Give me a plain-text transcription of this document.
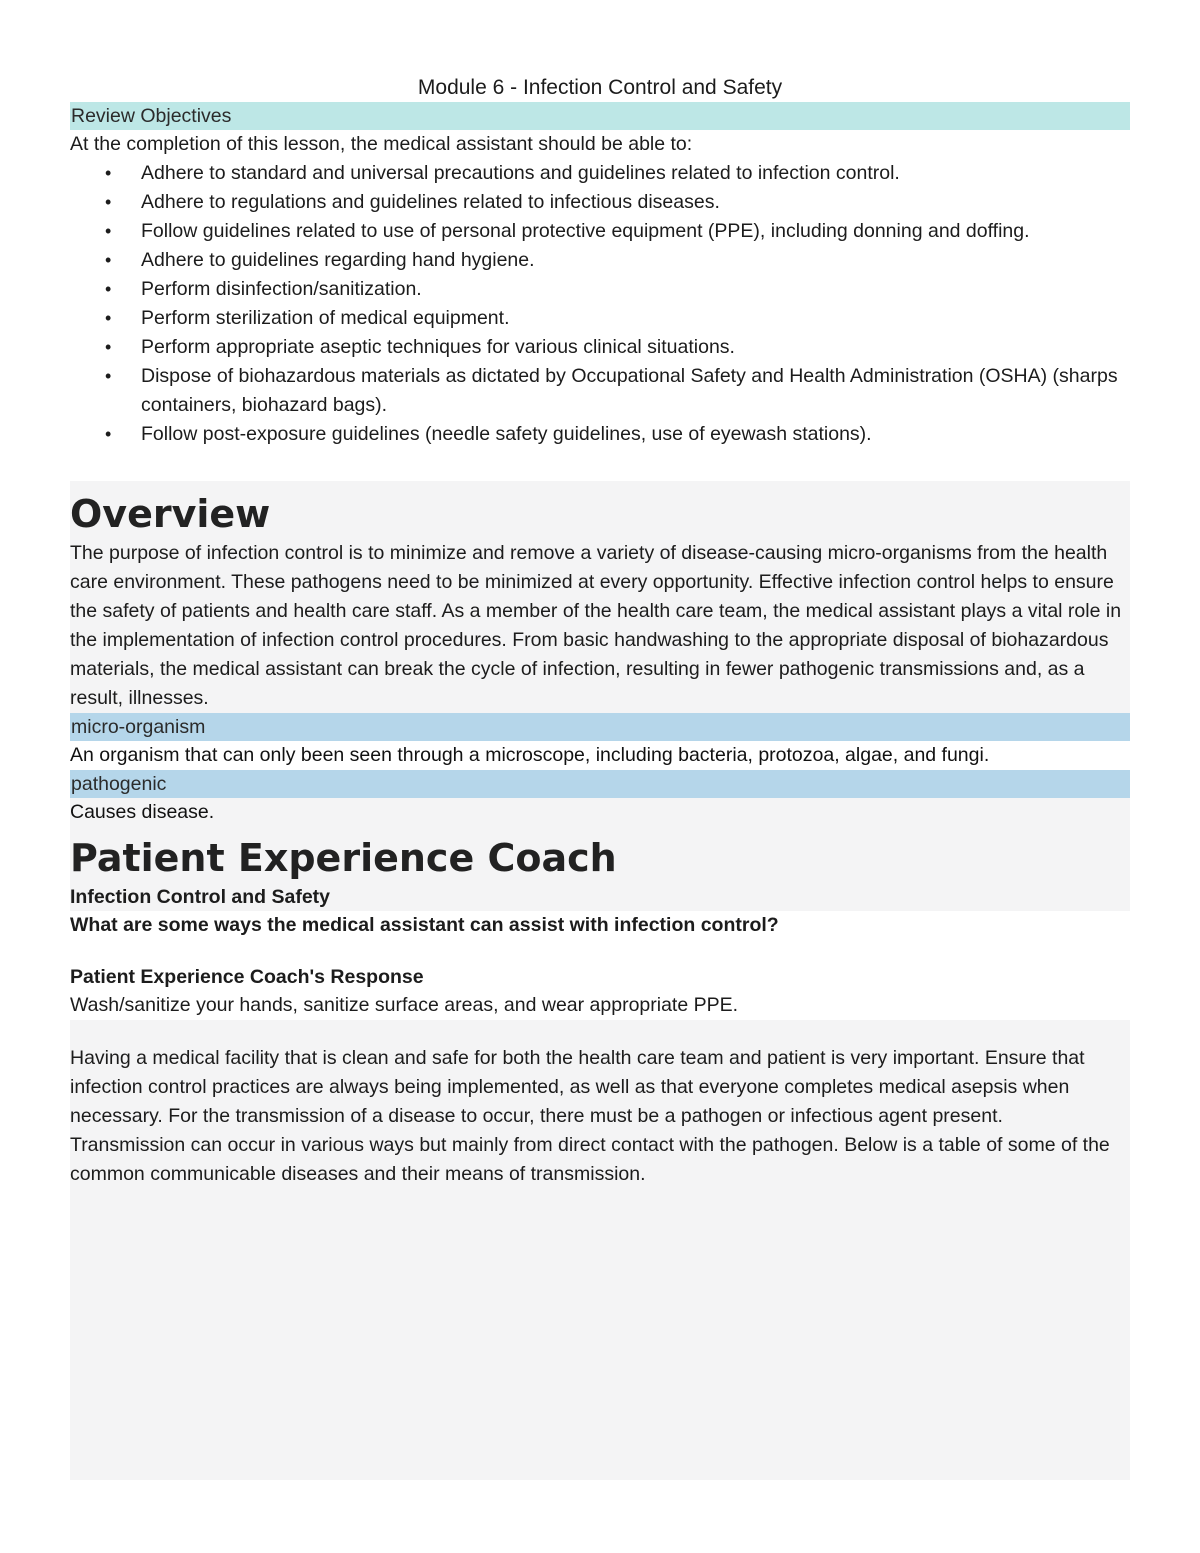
Module 6 - Infection Control and Safety
Review Objectives

At the completion of this lesson, the medical assistant should be able to:

• Adhere to standard and universal precautions and guidelines related to infection control.
• Adhere to regulations and guidelines related to infectious diseases.
• Follow guidelines related to use of personal protective equipment (PPE), including donning and doffing.
• Adhere to guidelines regarding hand hygiene.
• Perform disinfection/sanitization.
• Perform sterilization of medical equipment.
• Perform appropriate aseptic techniques for various clinical situations.
• Dispose of biohazardous materials as dictated by Occupational Safety and Health Administration (OSHA) (sharps containers, biohazard bags).
• Follow post-exposure guidelines (needle safety guidelines, use of eyewash stations).
Overview

The purpose of infection control is to minimize and remove a variety of disease-causing micro-organisms from the health care environment. These pathogens need to be minimized at every opportunity. Effective infection control helps to ensure the safety of patients and health care staff. As a member of the health care team, the medical assistant plays a vital role in the implementation of infection control procedures. From basic handwashing to the appropriate disposal of biohazardous materials, the medical assistant can break the cycle of infection, resulting in fewer pathogenic transmissions and, as a result, illnesses.

micro-organism

An organism that can only been seen through a microscope, including bacteria, protozoa, algae, and fungi.

pathogenic

Causes disease.

Patient Experience Coach

Infection Control and Safety

What are some ways the medical assistant can assist with infection control?

Patient Experience Coach's Response

Wash/sanitize your hands, sanitize surface areas, and wear appropriate PPE.

Having a medical facility that is clean and safe for both the health care team and patient is very important. Ensure that infection control practices are always being implemented, as well as that everyone completes medical asepsis when necessary. For the transmission of a disease to occur, there must be a pathogen or infectious agent present.

Transmission can occur in various ways but mainly from direct contact with the pathogen. Below is a table of some of the common communicable diseases and their means of transmission.
